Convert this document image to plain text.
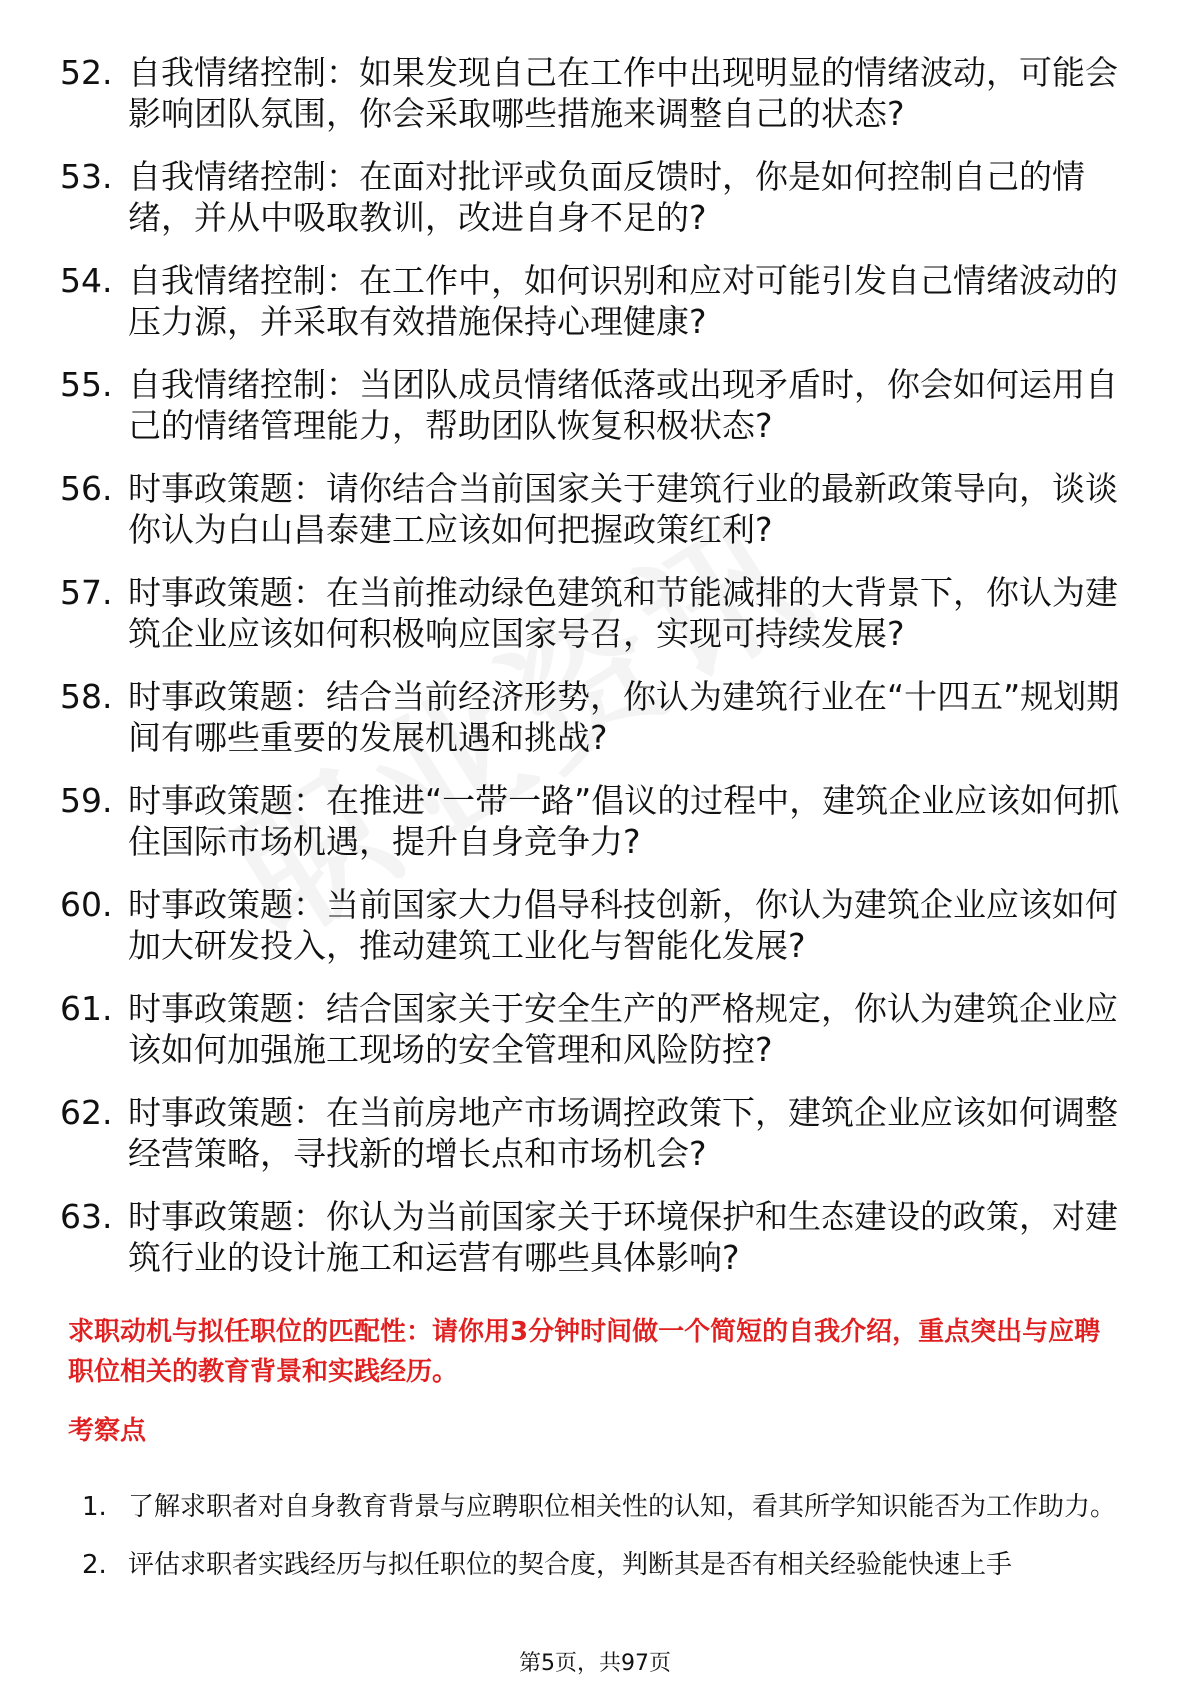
52. 自我情绪控制：如果发现自己在工作中出现明显的情绪波动，可能会影响团队氛围，你会采取哪些措施来调整自己的状态?
53. 自我情绪控制：在面对批评或负面反馈时，你是如何控制自己的情绪，并从中吸取教训，改进自身不足的?
54. 自我情绪控制：在工作中，如何识别和应对可能引发自己情绪波动的压力源，并采取有效措施保持心理健康?
55. 自我情绪控制：当团队成员情绪低落或出现矛盾时，你会如何运用自己的情绪管理能力，帮助团队恢复积极状态?
56. 时事政策题：请你结合当前国家关于建筑行业的最新政策导向，谈谈你认为白山昌泰建工应该如何把握政策红利?
57. 时事政策题：在当前推动绿色建筑和节能减排的大背景下，你认为建筑企业应该如何积极响应国家号召，实现可持续发展?
58. 时事政策题：结合当前经济形势，你认为建筑行业在“十四五”规划期间有哪些重要的发展机遇和挑战?
59. 时事政策题：在推进“一带一路”倡议的过程中，建筑企业应该如何抓住国际市场机遇，提升自身竞争力?
60. 时事政策题：当前国家大力倡导科技创新，你认为建筑企业应该如何加大研发投入，推动建筑工业化与智能化发展?
61. 时事政策题：结合国家关于安全生产的严格规定，你认为建筑企业应该如何加强施工现场的安全管理和风险防控?
62. 时事政策题：在当前房地产市场调控政策下，建筑企业应该如何调整经营策略，寻找新的增长点和市场机会?
63. 时事政策题：你认为当前国家关于环境保护和生态建设的政策，对建筑行业的设计施工和运营有哪些具体影响?

求职动机与拟任职位的匹配性：请你用3分钟时间做一个简短的自我介绍，重点突出与应聘职位相关的教育背景和实践经历。

考察点

1. 了解求职者对自身教育背景与应聘职位相关性的认知，看其所学知识能否为工作助力。
2. 评估求职者实践经历与拟任职位的契合度，判断其是否有相关经验能快速上手

第5页，共97页
